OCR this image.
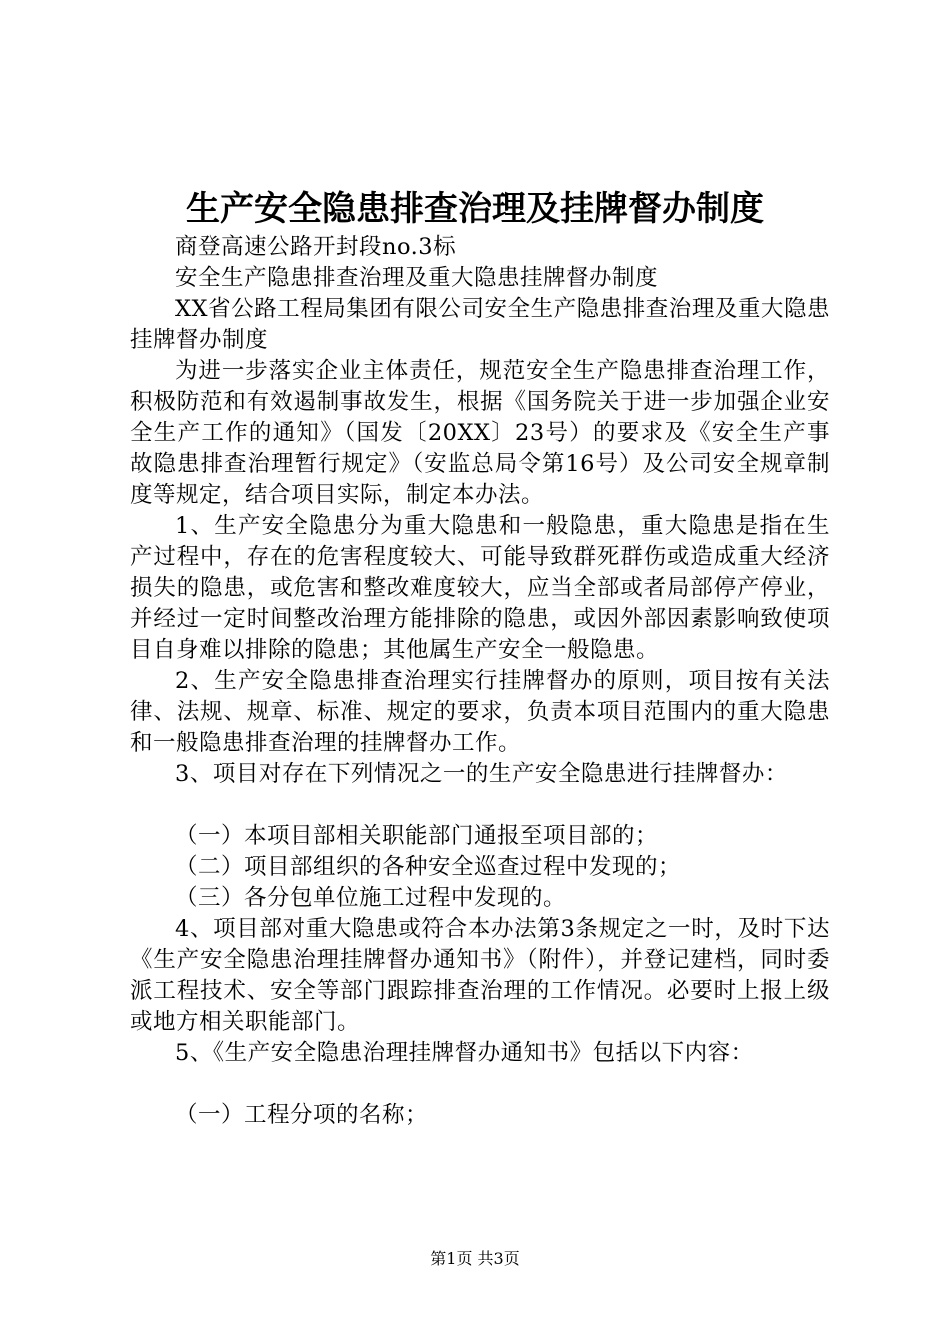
生产安全隐患排查治理及挂牌督办制度

商登高速公路开封段no.3标

安全生产隐患排查治理及重大隐患挂牌督办制度

XX省公路工程局集团有限公司安全生产隐患排查治理及重大隐患挂牌督办制度

为进一步落实企业主体责任，规范安全生产隐患排查治理工作，积极防范和有效遏制事故发生，根据《国务院关于进一步加强企业安全生产工作的通知》（国发〔20XX〕23号）的要求及《安全生产事故隐患排查治理暂行规定》（安监总局令第16号）及公司安全规章制度等规定，结合项目实际，制定本办法。

1、生产安全隐患分为重大隐患和一般隐患，重大隐患是指在生产过程中，存在的危害程度较大、可能导致群死群伤或造成重大经济损失的隐患，或危害和整改难度较大，应当全部或者局部停产停业，并经过一定时间整改治理方能排除的隐患，或因外部因素影响致使项目自身难以排除的隐患；其他属生产安全一般隐患。

2、生产安全隐患排查治理实行挂牌督办的原则，项目按有关法律、法规、规章、标准、规定的要求，负责本项目范围内的重大隐患和一般隐患排查治理的挂牌督办工作。

3、项目对存在下列情况之一的生产安全隐患进行挂牌督办：

（一）本项目部相关职能部门通报至项目部的；

（二）项目部组织的各种安全巡查过程中发现的；

（三）各分包单位施工过程中发现的。

4、项目部对重大隐患或符合本办法第3条规定之一时，及时下达《生产安全隐患治理挂牌督办通知书》（附件），并登记建档，同时委派工程技术、安全等部门跟踪排查治理的工作情况。必要时上报上级或地方相关职能部门。

5、《生产安全隐患治理挂牌督办通知书》包括以下内容：

（一）工程分项的名称；

第1页 共3页
